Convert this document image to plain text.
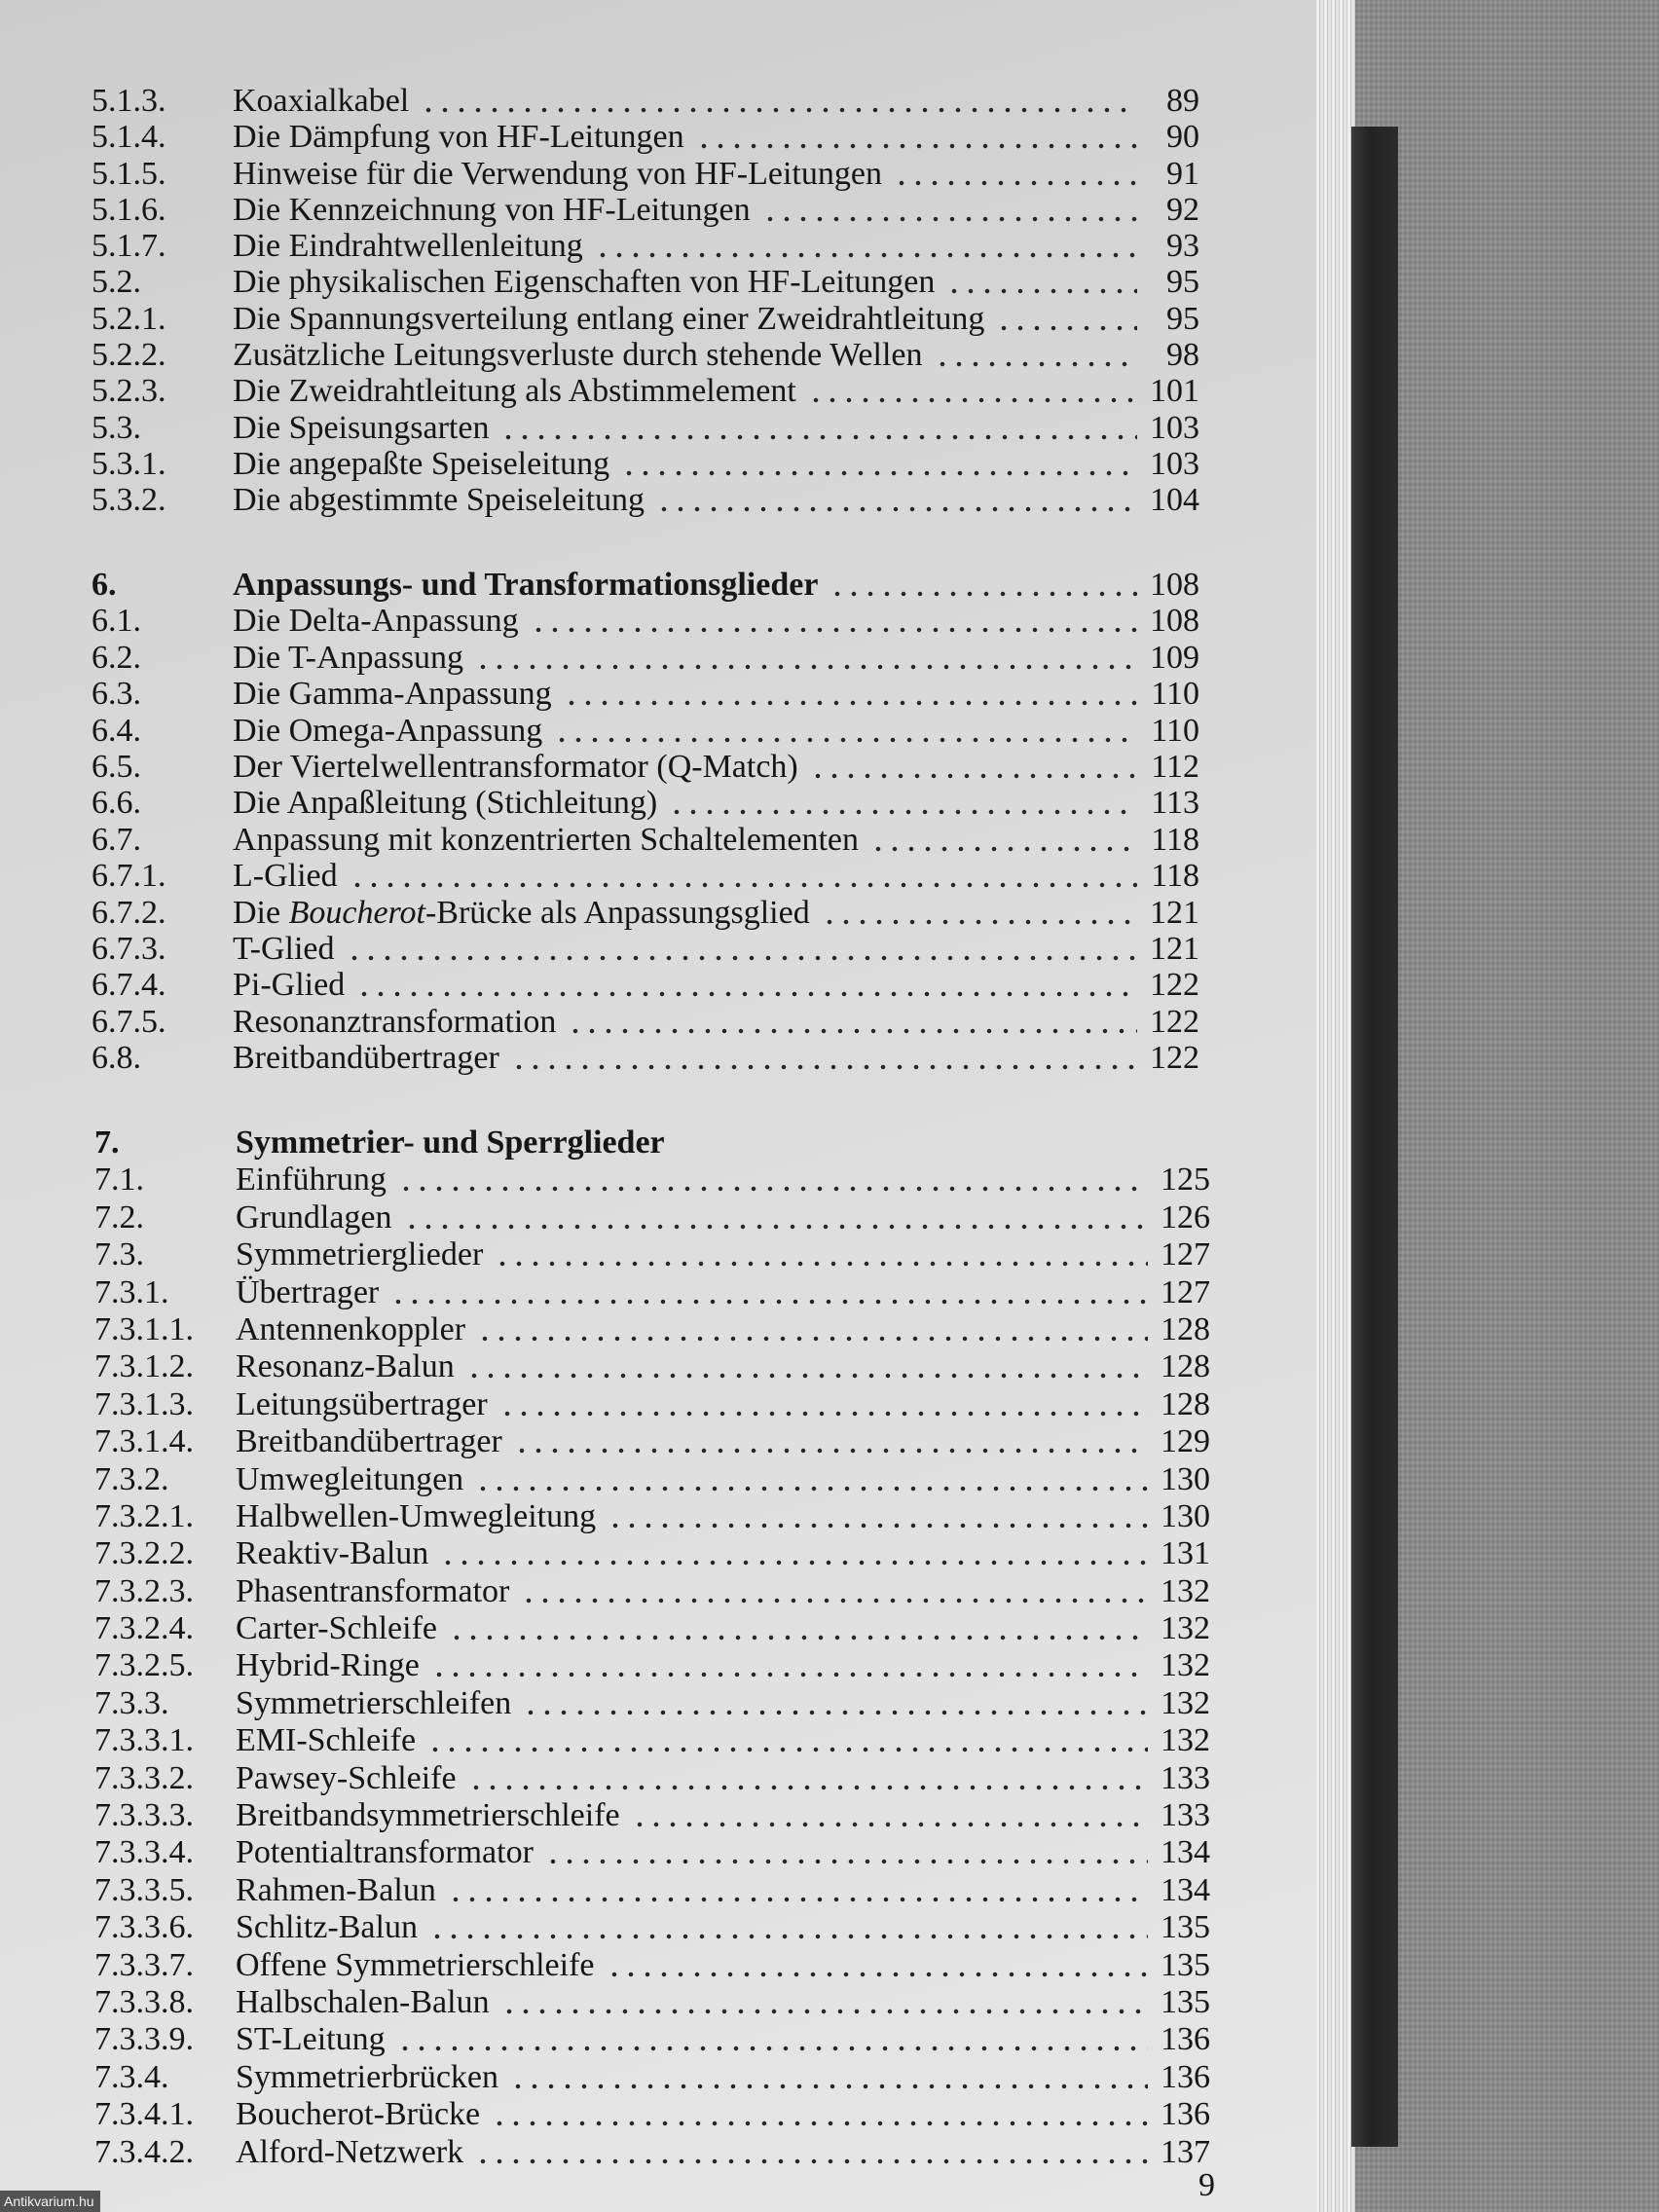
5.1.3.	Koaxialkabel	89
5.1.4.	Die Dämpfung von HF-Leitungen	90
5.1.5.	Hinweise für die Verwendung von HF-Leitungen	91
5.1.6.	Die Kennzeichnung von HF-Leitungen	92
5.1.7.	Die Eindrahtwellenleitung	93
5.2.	Die physikalischen Eigenschaften von HF-Leitungen	95
5.2.1.	Die Spannungsverteilung entlang einer Zweidrahtleitung	95
5.2.2.	Zusätzliche Leitungsverluste durch stehende Wellen	98
5.2.3.	Die Zweidrahtleitung als Abstimmelement	101
5.3.	Die Speisungsarten	103
5.3.1.	Die angepaßte Speiseleitung	103
5.3.2.	Die abgestimmte Speiseleitung	104
6.	Anpassungs- und Transformationsglieder	108
6.1.	Die Delta-Anpassung	108
6.2.	Die T-Anpassung	109
6.3.	Die Gamma-Anpassung	110
6.4.	Die Omega-Anpassung	110
6.5.	Der Viertelwellentransformator (Q-Match)	112
6.6.	Die Anpaßleitung (Stichleitung)	113
6.7.	Anpassung mit konzentrierten Schaltelementen	118
6.7.1.	L-Glied	118
6.7.2.	Die Boucherot-Brücke als Anpassungsglied	121
6.7.3.	T-Glied	121
6.7.4.	Pi-Glied	122
6.7.5.	Resonanztransformation	122
6.8.	Breitbandübertrager	122
7.	Symmetrier- und Sperrglieder
7.1.	Einführung	125
7.2.	Grundlagen	126
7.3.	Symmetrierglieder	127
7.3.1.	Übertrager	127
7.3.1.1.	Antennenkoppler	128
7.3.1.2.	Resonanz-Balun	128
7.3.1.3.	Leitungsübertrager	128
7.3.1.4.	Breitbandübertrager	129
7.3.2.	Umwegleitungen	130
7.3.2.1.	Halbwellen-Umwegleitung	130
7.3.2.2.	Reaktiv-Balun	131
7.3.2.3.	Phasentransformator	132
7.3.2.4.	Carter-Schleife	132
7.3.2.5.	Hybrid-Ringe	132
7.3.3.	Symmetrierschleifen	132
7.3.3.1.	EMI-Schleife	132
7.3.3.2.	Pawsey-Schleife	133
7.3.3.3.	Breitbandsymmetrierschleife	133
7.3.3.4.	Potentialtransformator	134
7.3.3.5.	Rahmen-Balun	134
7.3.3.6.	Schlitz-Balun	135
7.3.3.7.	Offene Symmetrierschleife	135
7.3.3.8.	Halbschalen-Balun	135
7.3.3.9.	ST-Leitung	136
7.3.4.	Symmetrierbrücken	136
7.3.4.1.	Boucherot-Brücke	136
7.3.4.2.	Alford-Netzwerk	137
9
Antikvarium.hu
